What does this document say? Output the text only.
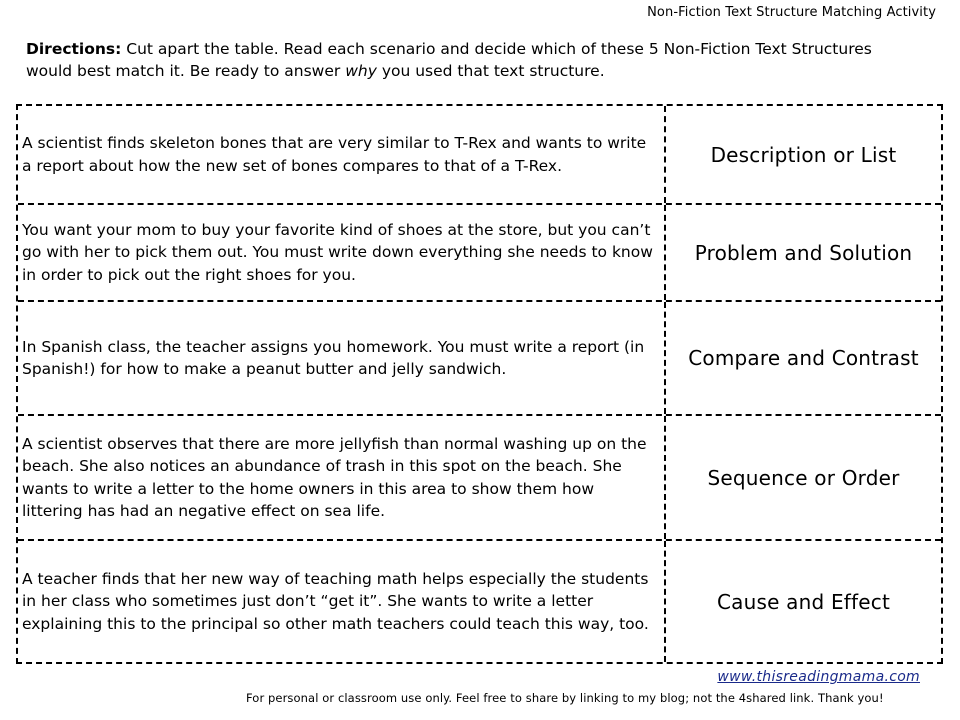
Non-Fiction Text Structure Matching Activity
Directions: Cut apart the table. Read each scenario and decide which of these 5 Non-Fiction Text Structures would best match it. Be ready to answer why you used that text structure.
A scientist finds skeleton bones that are very similar to T-Rex and wants to write a report about how the new set of bones compares to that of a T-Rex.	Description or List
You want your mom to buy your favorite kind of shoes at the store, but you can’t go with her to pick them out. You must write down everything she needs to know in order to pick out the right shoes for you.
Problem and Solution
In Spanish class, the teacher assigns you homework. You must write a report (in Spanish!) for how to make a peanut butter and jelly sandwich.	Compare and Contrast
A scientist observes that there are more jellyfish than normal washing up on the beach. She also notices an abundance of trash in this spot on the beach. She wants to write a letter to the home owners in this area to show them how littering has had an negative effect on sea life.
Sequence or Order
A teacher finds that her new way of teaching math helps especially the students in her class who sometimes just don’t “get it”. She wants to write a letter explaining this to the principal so other math teachers could teach this way, too.
Cause and Effect
www.thisreadingmama.com
For personal or classroom use only. Feel free to share by linking to my blog; not the 4shared link. Thank you!
